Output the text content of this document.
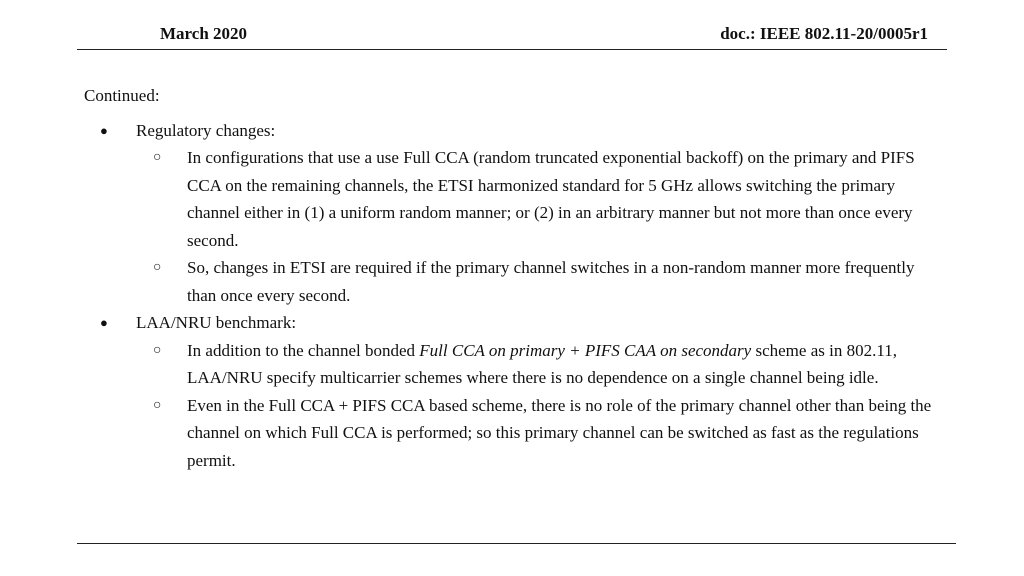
March 2020	doc.: IEEE 802.11-20/0005r1
Continued:
● Regulatory changes:
○ In configurations that use a use Full CCA (random truncated exponential backoff) on the primary and PIFS CCA on the remaining channels, the ETSI harmonized standard for 5 GHz allows switching the primary channel either in (1) a uniform random manner; or (2) in an arbitrary manner but not more than once every second.
○ So, changes in ETSI are required if the primary channel switches in a non-random manner more frequently than once every second.
● LAA/NRU benchmark:
○ In addition to the channel bonded Full CCA on primary + PIFS CAA on secondary scheme as in 802.11, LAA/NRU specify multicarrier schemes where there is no dependence on a single channel being idle.
○ Even in the Full CCA + PIFS CCA based scheme, there is no role of the primary channel other than being the channel on which Full CCA is performed; so this primary channel can be switched as fast as the regulations permit.
